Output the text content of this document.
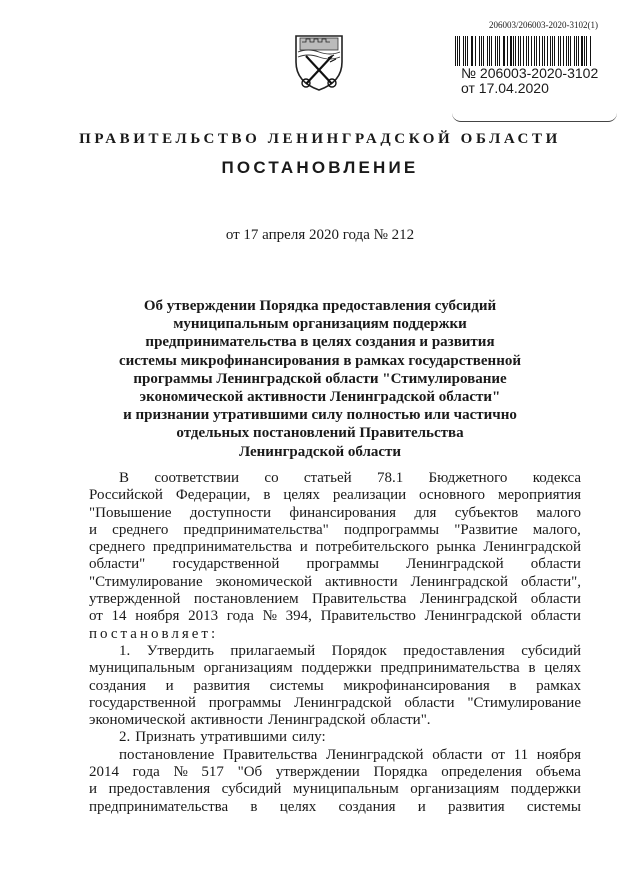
206003/206003-2020-3102(1)
№ 206003-2020-3102
от 17.04.2020
ПРАВИТЕЛЬСТВО ЛЕНИНГРАДСКОЙ ОБЛАСТИ
ПОСТАНОВЛЕНИЕ
от 17 апреля 2020 года № 212
Об утверждении Порядка предоставления субсидий
муниципальным организациям поддержки
предпринимательства в целях создания и развития
системы микрофинансирования в рамках государственной
программы Ленинградской области "Стимулирование
экономической активности Ленинградской области"
и признании утратившими силу полностью или частично
отдельных постановлений Правительства
Ленинградской области
В соответствии со статьей 78.1 Бюджетного кодекса
Российской Федерации, в целях реализации основного мероприятия
"Повышение доступности финансирования для субъектов малого
и среднего предпринимательства" подпрограммы "Развитие малого,
среднего предпринимательства и потребительского рынка Ленинградской
области" государственной программы Ленинградской области
"Стимулирование экономической активности Ленинградской области",
утвержденной постановлением Правительства Ленинградской области
от 14 ноября 2013 года № 394, Правительство Ленинградской области
постановляет:
1. Утвердить прилагаемый Порядок предоставления субсидий
муниципальным организациям поддержки предпринимательства в целях
создания и развития системы микрофинансирования в рамках
государственной программы Ленинградской области "Стимулирование
экономической активности Ленинградской области".
2. Признать утратившими силу:
постановление Правительства Ленинградской области от 11 ноября
2014 года № 517 "Об утверждении Порядка определения объема
и предоставления субсидий муниципальным организациям поддержки
предпринимательства в целях создания и развития системы
